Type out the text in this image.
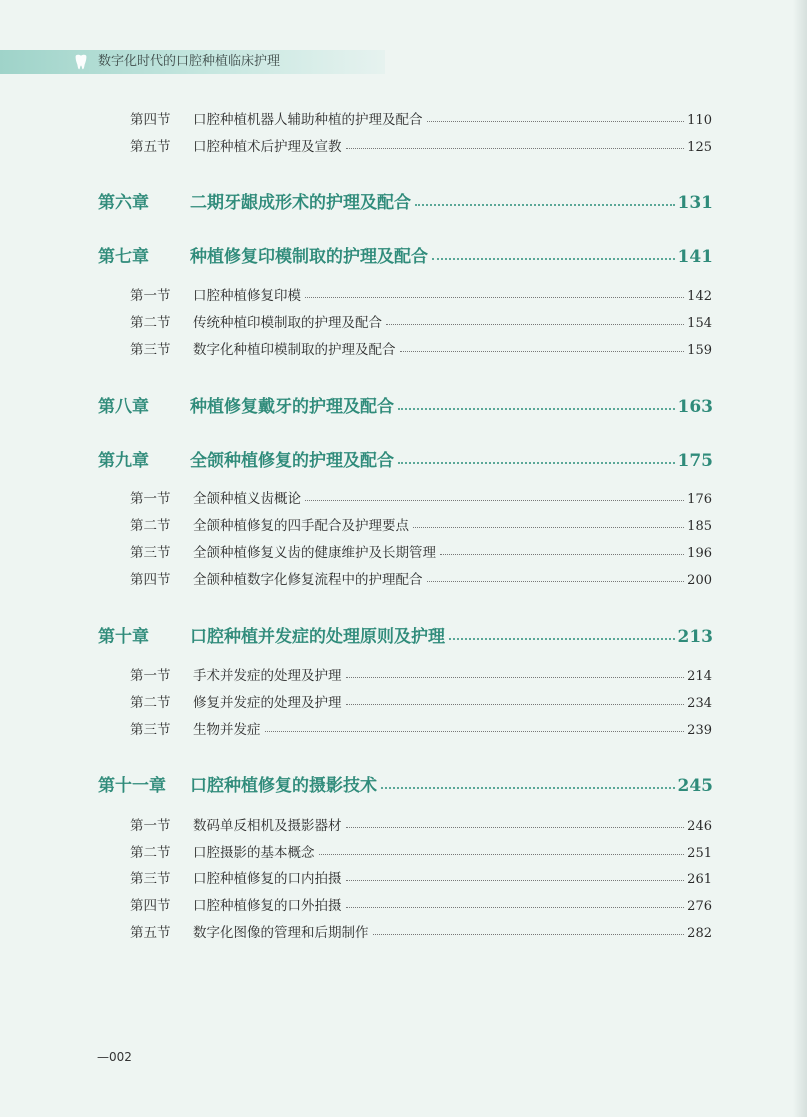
数字化时代的口腔种植临床护理
第四节	口腔种植机器人辅助种植的护理及配合	110
第五节	口腔种植术后护理及宣教	125
第六章	二期牙龈成形术的护理及配合	131
第七章	种植修复印模制取的护理及配合	141
第一节	口腔种植修复印模	142
第二节	传统种植印模制取的护理及配合	154
第三节	数字化种植印模制取的护理及配合	159
第八章	种植修复戴牙的护理及配合	163
第九章	全颌种植修复的护理及配合	175
第一节	全颌种植义齿概论	176
第二节	全颌种植修复的四手配合及护理要点	185
第三节	全颌种植修复义齿的健康维护及长期管理	196
第四节	全颌种植数字化修复流程中的护理配合	200
第十章	口腔种植并发症的处理原则及护理	213
第一节	手术并发症的处理及护理	214
第二节	修复并发症的处理及护理	234
第三节	生物并发症	239
第十一章	口腔种植修复的摄影技术	245
第一节	数码单反相机及摄影器材	246
第二节	口腔摄影的基本概念	251
第三节	口腔种植修复的口内拍摄	261
第四节	口腔种植修复的口外拍摄	276
第五节	数字化图像的管理和后期制作	282
—002
